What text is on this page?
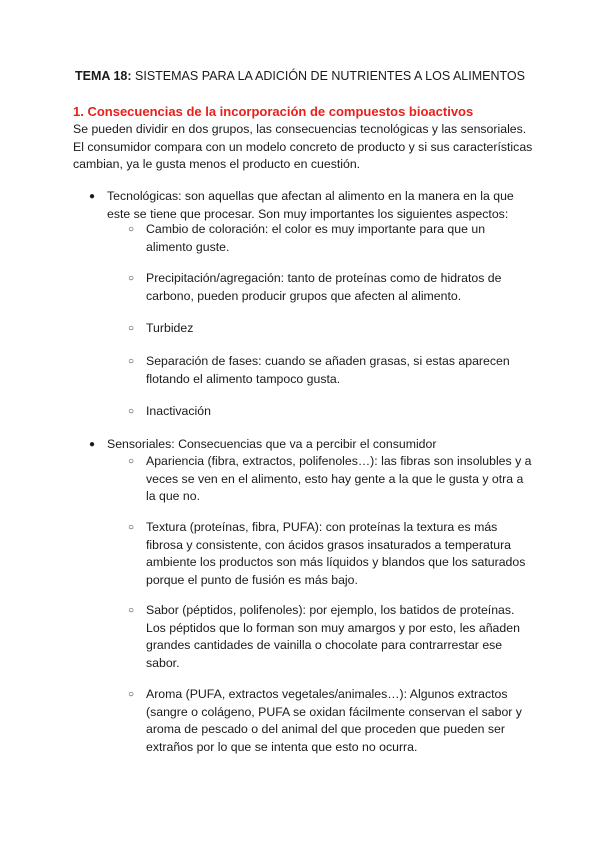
TEMA 18: SISTEMAS PARA LA ADICIÓN DE NUTRIENTES A LOS ALIMENTOS
1. Consecuencias de la incorporación de compuestos bioactivos
Se pueden dividir en dos grupos, las consecuencias tecnológicas y las sensoriales.
El consumidor compara con un modelo concreto de producto y si sus características
cambian, ya le gusta menos el producto en cuestión.
● Tecnológicas: son aquellas que afectan al alimento en la manera en la que
este se tiene que procesar. Son muy importantes los siguientes aspectos:
○ Cambio de coloración: el color es muy importante para que un
alimento guste.
○ Precipitación/agregación: tanto de proteínas como de hidratos de
carbono, pueden producir grupos que afecten al alimento.
○ Turbidez
○ Separación de fases: cuando se añaden grasas, si estas aparecen
flotando el alimento tampoco gusta.
○ Inactivación
● Sensoriales: Consecuencias que va a percibir el consumidor
○ Apariencia (fibra, extractos, polifenoles…): las fibras son insolubles y a
veces se ven en el alimento, esto hay gente a la que le gusta y otra a
la que no.
○ Textura (proteínas, fibra, PUFA): con proteínas la textura es más
fibrosa y consistente, con ácidos grasos insaturados a temperatura
ambiente los productos son más líquidos y blandos que los saturados
porque el punto de fusión es más bajo.
○ Sabor (péptidos, polifenoles): por ejemplo, los batidos de proteínas.
Los péptidos que lo forman son muy amargos y por esto, les añaden
grandes cantidades de vainilla o chocolate para contrarrestar ese
sabor.
○ Aroma (PUFA, extractos vegetales/animales…): Algunos extractos
(sangre o colágeno, PUFA se oxidan fácilmente conservan el sabor y
aroma de pescado o del animal del que proceden que pueden ser
extraños por lo que se intenta que esto no ocurra.
